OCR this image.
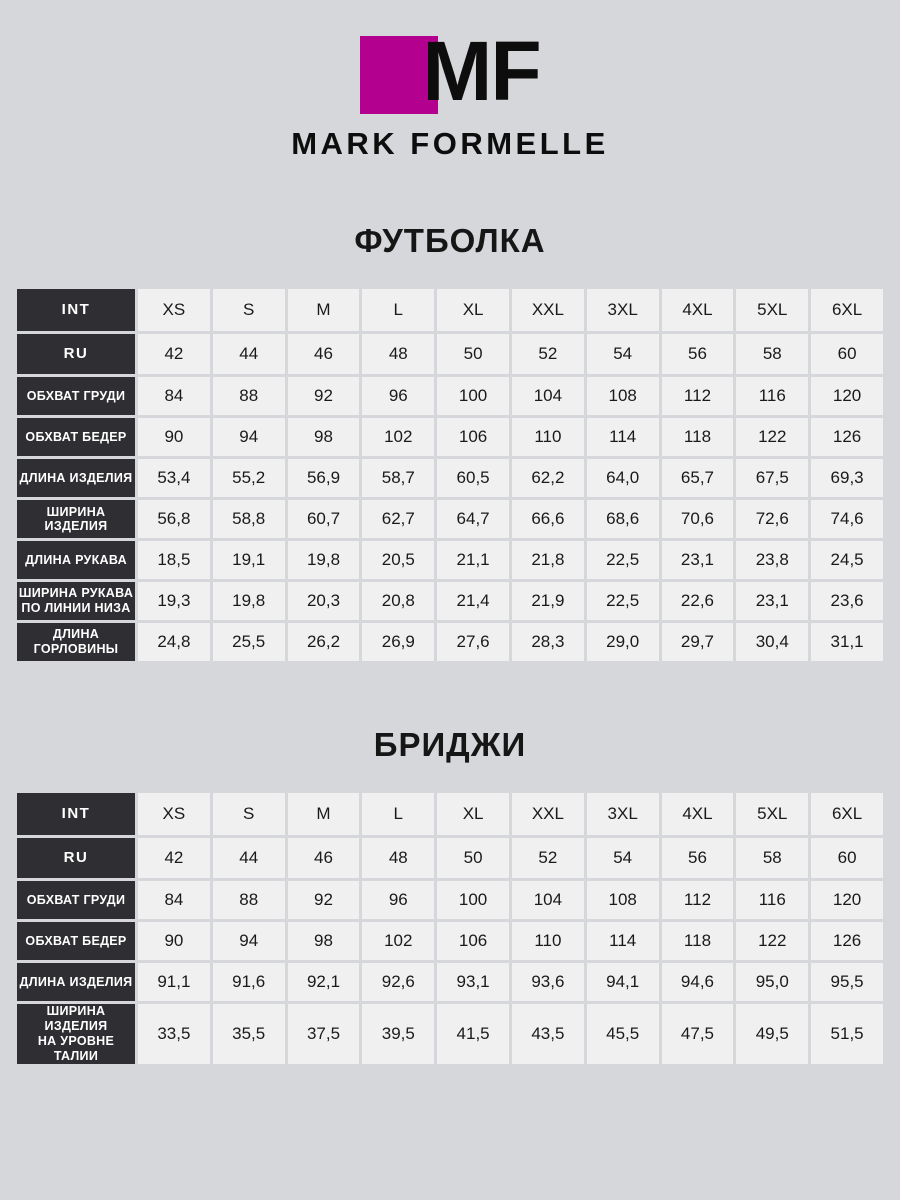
MF
MARK FORMELLE
ФУТБОЛКА
INT	XS	S	M	L	XL	XXL	3XL	4XL	5XL	6XL
RU	42	44	46	48	50	52	54	56	58	60
ОБХВАТ ГРУДИ	84	88	92	96	100	104	108	112	116	120
ОБХВАТ БЕДЕР	90	94	98	102	106	110	114	118	122	126
ДЛИНА ИЗДЕЛИЯ	53,4	55,2	56,9	58,7	60,5	62,2	64,0	65,7	67,5	69,3
ШИРИНА ИЗДЕЛИЯ	56,8	58,8	60,7	62,7	64,7	66,6	68,6	70,6	72,6	74,6
ДЛИНА РУКАВА	18,5	19,1	19,8	20,5	21,1	21,8	22,5	23,1	23,8	24,5
ШИРИНА РУКАВА
ПО ЛИНИИ НИЗА	19,3	19,8	20,3	20,8	21,4	21,9	22,5	22,6	23,1	23,6
ДЛИНА
ГОРЛОВИНЫ	24,8	25,5	26,2	26,9	27,6	28,3	29,0	29,7	30,4	31,1
БРИДЖИ
INT	XS	S	M	L	XL	XXL	3XL	4XL	5XL	6XL
RU	42	44	46	48	50	52	54	56	58	60
ОБХВАТ ГРУДИ	84	88	92	96	100	104	108	112	116	120
ОБХВАТ БЕДЕР	90	94	98	102	106	110	114	118	122	126
ДЛИНА ИЗДЕЛИЯ	91,1	91,6	92,1	92,6	93,1	93,6	94,1	94,6	95,0	95,5
ШИРИНА ИЗДЕЛИЯ
НА УРОВНЕ ТАЛИИ	33,5	35,5	37,5	39,5	41,5	43,5	45,5	47,5	49,5	51,5
